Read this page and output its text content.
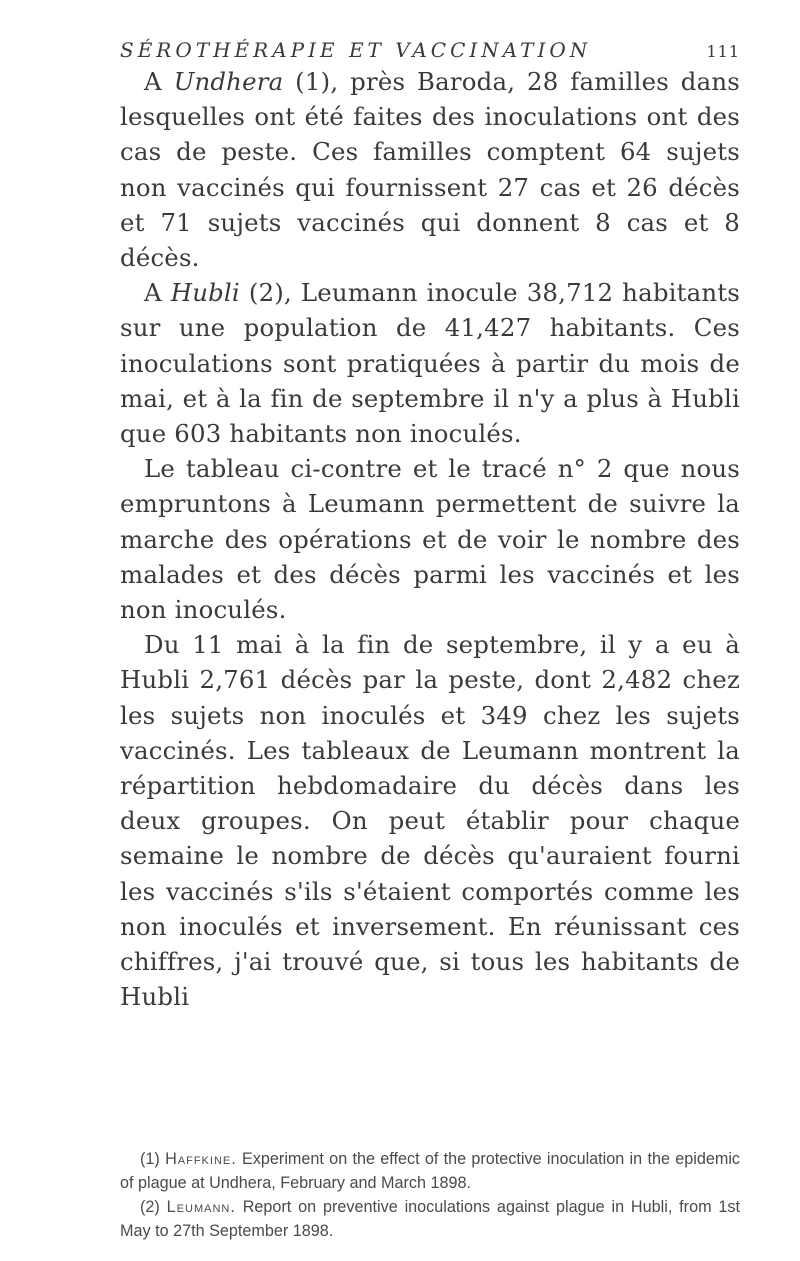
SÉROTHÉRAPIE ET VACCINATION	111

A Undhera (1), près Baroda, 28 familles dans lesquelles ont été faites des inoculations ont des cas de peste. Ces familles comptent 64 sujets non vaccinés qui fournissent 27 cas et 26 décès et 71 sujets vaccinés qui donnent 8 cas et 8 décès.

A Hubli (2), Leumann inocule 38,712 habitants sur une population de 41,427 habitants. Ces inoculations sont pratiquées à partir du mois de mai, et à la fin de septembre il n'y a plus à Hubli que 603 habitants non inoculés.

Le tableau ci-contre et le tracé n° 2 que nous empruntons à Leumann permettent de suivre la marche des opérations et de voir le nombre des malades et des décès parmi les vaccinés et les non inoculés.

Du 11 mai à la fin de septembre, il y a eu à Hubli 2,761 décès par la peste, dont 2,482 chez les sujets non inoculés et 349 chez les sujets vaccinés. Les tableaux de Leumann montrent la répartition hebdomadaire du décès dans les deux groupes. On peut établir pour chaque semaine le nombre de décès qu'auraient fourni les vaccinés s'ils s'étaient comportés comme les non inoculés et inversement. En réunissant ces chiffres, j'ai trouvé que, si tous les habitants de Hubli

(1) Haffkine. Experiment on the effect of the protective inoculation in the epidemic of plague at Undhera, February and March 1898.

(2) Leumann. Report on preventive inoculations against plague in Hubli, from 1st May to 27th September 1898.
